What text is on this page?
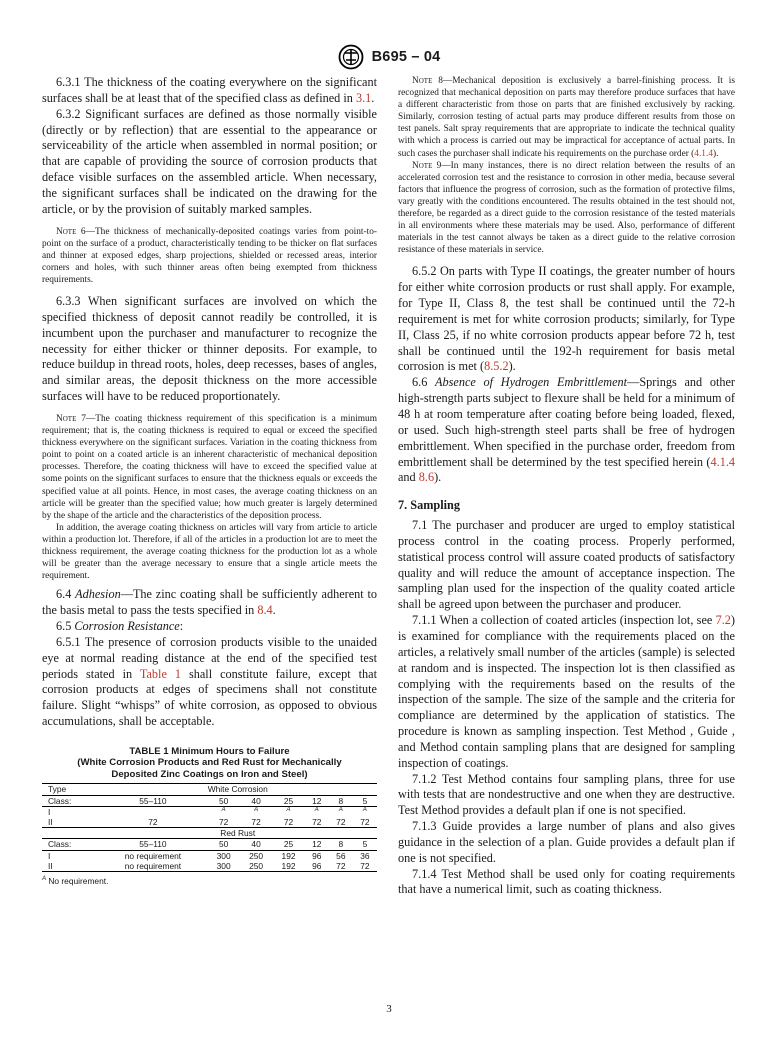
B695 – 04

6.3.1 The thickness of the coating everywhere on the significant surfaces shall be at least that of the specified class as defined in 3.1.

6.3.2 Significant surfaces are defined as those normally visible (directly or by reflection) that are essential to the appearance or serviceability of the article when assembled in normal position; or that are capable of providing the source of corrosion products that deface visible surfaces on the assembled article. When necessary, the significant surfaces shall be indicated on the drawing for the article, or by the provision of suitably marked samples.

Note 6—The thickness of mechanically-deposited coatings varies from point-to-point on the surface of a product, characteristically tending to be thicker on flat surfaces and thinner at exposed edges, sharp projections, shielded or recessed areas, interior corners and holes, with such thinner areas often being exempted from thickness requirements.

6.3.3 When significant surfaces are involved on which the specified thickness of deposit cannot readily be controlled, it is incumbent upon the purchaser and manufacturer to recognize the necessity for either thicker or thinner deposits. For example, to reduce buildup in thread roots, holes, deep recesses, bases of angles, and similar areas, the deposit thickness on the more accessible surfaces will have to be reduced proportionately.

Note 7—The coating thickness requirement of this specification is a minimum requirement; that is, the coating thickness is required to equal or exceed the specified thickness everywhere on the significant surfaces. Variation in the coating thickness from point to point on a coated article is an inherent characteristic of mechanical deposition processes. Therefore, the coating thickness will have to exceed the specified value at some points on the significant surfaces to ensure that the thickness equals or exceeds the specified value at all points. Hence, in most cases, the average coating thickness on an article will be greater than the specified value; how much greater is largely determined by the shape of the article and the characteristics of the deposition process.

In addition, the average coating thickness on articles will vary from article to article within a production lot. Therefore, if all of the articles in a production lot are to meet the thickness requirement, the average coating thickness for the production lot as a whole will be greater than the average necessary to ensure that a single article meets the requirement.

6.4 Adhesion—The zinc coating shall be sufficiently adherent to the basis metal to pass the tests specified in 8.4.

6.5 Corrosion Resistance:

6.5.1 The presence of corrosion products visible to the unaided eye at normal reading distance at the end of the specified test periods stated in Table 1 shall constitute failure, except that corrosion products at edges of specimens shall not constitute failure. Slight “whisps” of white corrosion, as opposed to obvious accumulations, shall be acceptable.

TABLE 1 Minimum Hours to Failure
(White Corrosion Products and Red Rust for Mechanically
Deposited Zinc Coatings on Iron and Steel)
Type	White Corrosion						
Class:	55–110	50	40	25	12	8	5
I		$^A$	$^A$	$^A$	$^A$	$^A$	$^A$
II	72	72	72	72	72	72	72
	Red Rust						
Class:	55–110	50	40	25	12	8	5
I	no requirement	300	250	192	96	56	36
II	no requirement	300	250	192	96	72	72
$^A$ No requirement.

Note 8—Mechanical deposition is exclusively a barrel-finishing process. It is recognized that mechanical deposition on parts may therefore produce surfaces that have a different characteristic from those on parts that are finished exclusively by racking. Similarly, corrosion testing of actual parts may produce different results from those on test panels. Salt spray requirements that are appropriate to indicate the technical quality with which a process is carried out may be impractical for acceptance of actual parts. In such cases the purchaser shall indicate his requirements on the purchase order (4.1.4).

Note 9—In many instances, there is no direct relation between the results of an accelerated corrosion test and the resistance to corrosion in other media, because several factors that influence the progress of corrosion, such as the formation of protective films, vary greatly with the conditions encountered. The results obtained in the test should not, therefore, be regarded as a direct guide to the corrosion resistance of the tested materials in all environments where these materials may be used. Also, performance of different materials in the test cannot always be taken as a direct guide to the relative corrosion resistance of these materials in service.

6.5.2 On parts with Type II coatings, the greater number of hours for either white corrosion products or rust shall apply. For example, for Type II, Class 8, the test shall be continued until the 72-h requirement is met for white corrosion products; similarly, for Type II, Class 25, if no white corrosion products appear before 72 h, test shall be continued until the 192-h requirement for basis metal corrosion is met (8.5.2).

6.6 Absence of Hydrogen Embrittlement—Springs and other high-strength parts subject to flexure shall be held for a minimum of 48 h at room temperature after coating before being loaded, flexed, or used. Such high-strength steel parts shall be free of hydrogen embrittlement. When specified in the purchase order, freedom from embrittlement shall be determined by the test specified herein (4.1.4 and 8.6).

7. Sampling

7.1 The purchaser and producer are urged to employ statistical process control in the coating process. Properly performed, statistical process control will assure coated products of satisfactory quality and will reduce the amount of acceptance inspection. The sampling plan used for the inspection of the quality coated article shall be agreed upon between the purchaser and producer.

7.1.1 When a collection of coated articles (inspection lot, see 7.2) is examined for compliance with the requirements placed on the articles, a relatively small number of the articles (sample) is selected at random and is inspected. The inspection lot is then classified as complying with the requirements based on the results of the inspection of the sample. The size of the sample and the criteria for compliance are determined by the application of statistics. The procedure is known as sampling inspection. Test Method , Guide , and Method contain sampling plans that are designed for sampling inspection of coatings.

7.1.2 Test Method contains four sampling plans, three for use with tests that are nondestructive and one when they are destructive. Test Method provides a default plan if one is not specified.

7.1.3 Guide provides a large number of plans and also gives guidance in the selection of a plan. Guide provides a default plan if one is not specified.

7.1.4 Test Method shall be used only for coating requirements that have a numerical limit, such as coating thickness.

3
